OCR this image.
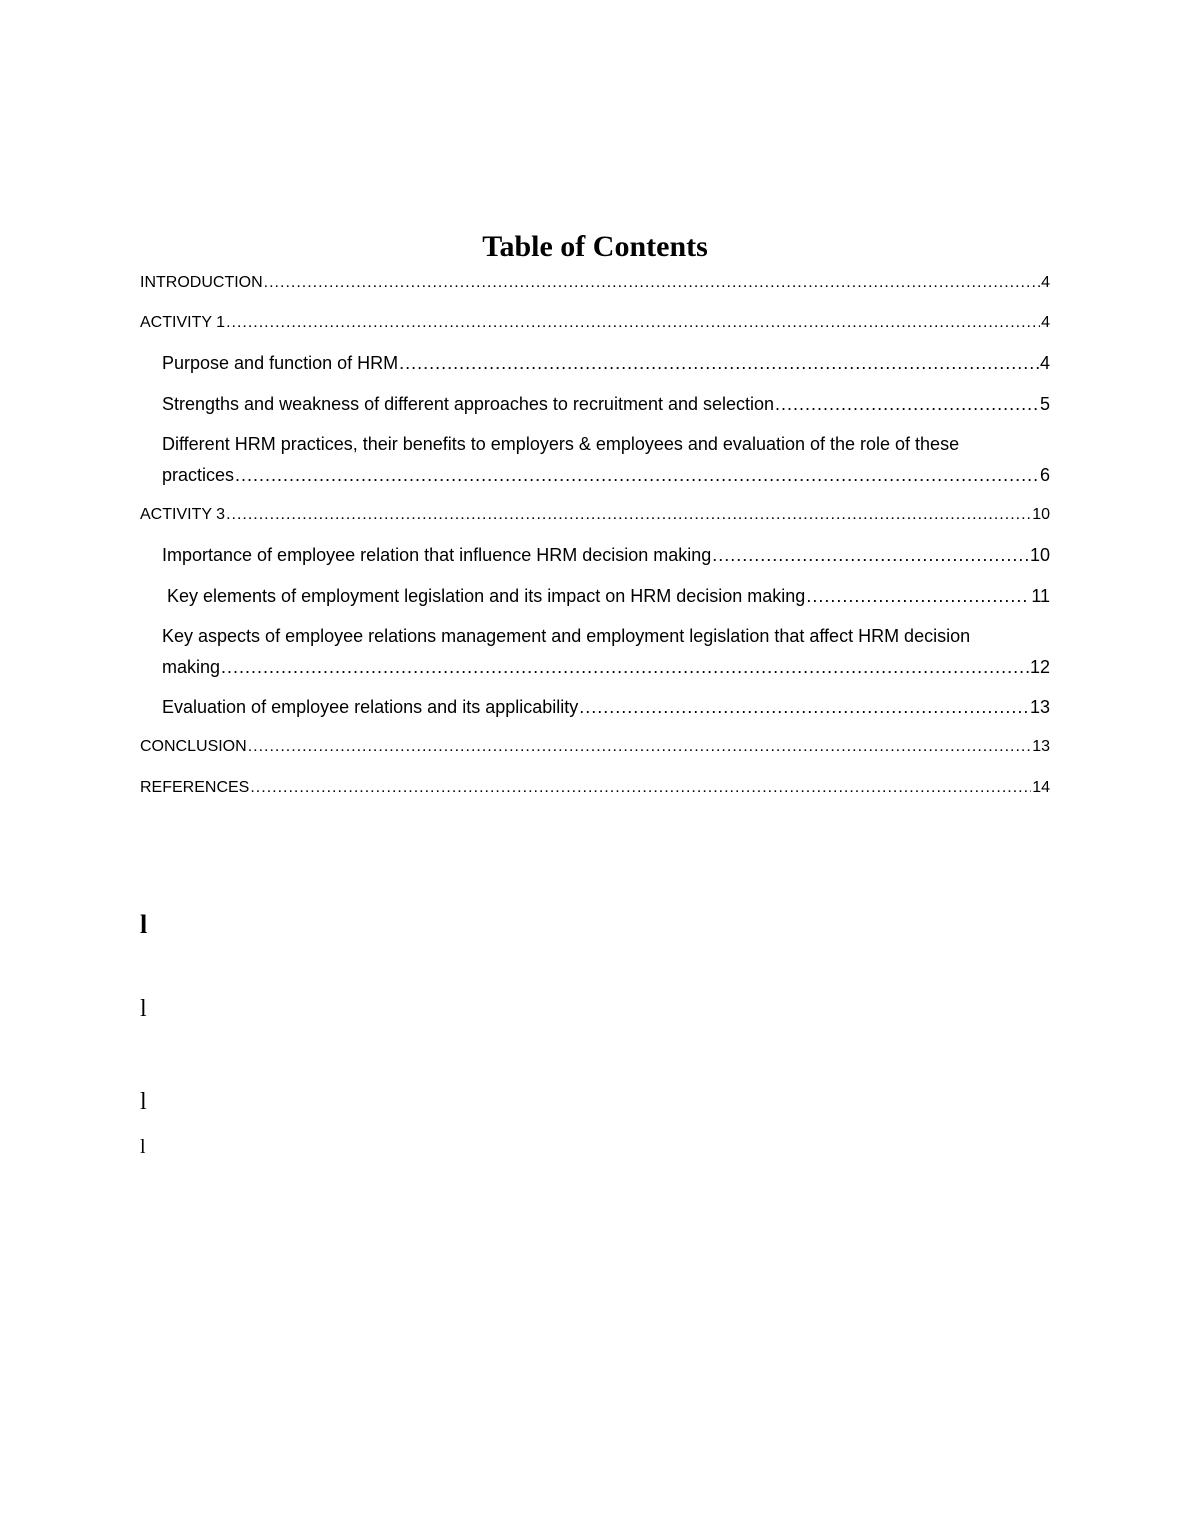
Table of Contents
INTRODUCTION .....	4
ACTIVITY 1 .....	4
Purpose and function of HRM .....	4
Strengths and weakness of different approaches to recruitment and selection .....	5
Different HRM practices, their benefits to employers & employees and evaluation of the role of these
practices .....	6
ACTIVITY 3 .....	10
Importance of employee relation that influence HRM decision making .....	10
Key elements of employment legislation and its impact on HRM decision making .....	11
Key aspects of employee relations management and employment legislation that affect HRM decision
making .....	12
Evaluation of employee relations and its applicability .....	13
CONCLUSION .....	13
REFERENCES .....	14
l
l
l
l
